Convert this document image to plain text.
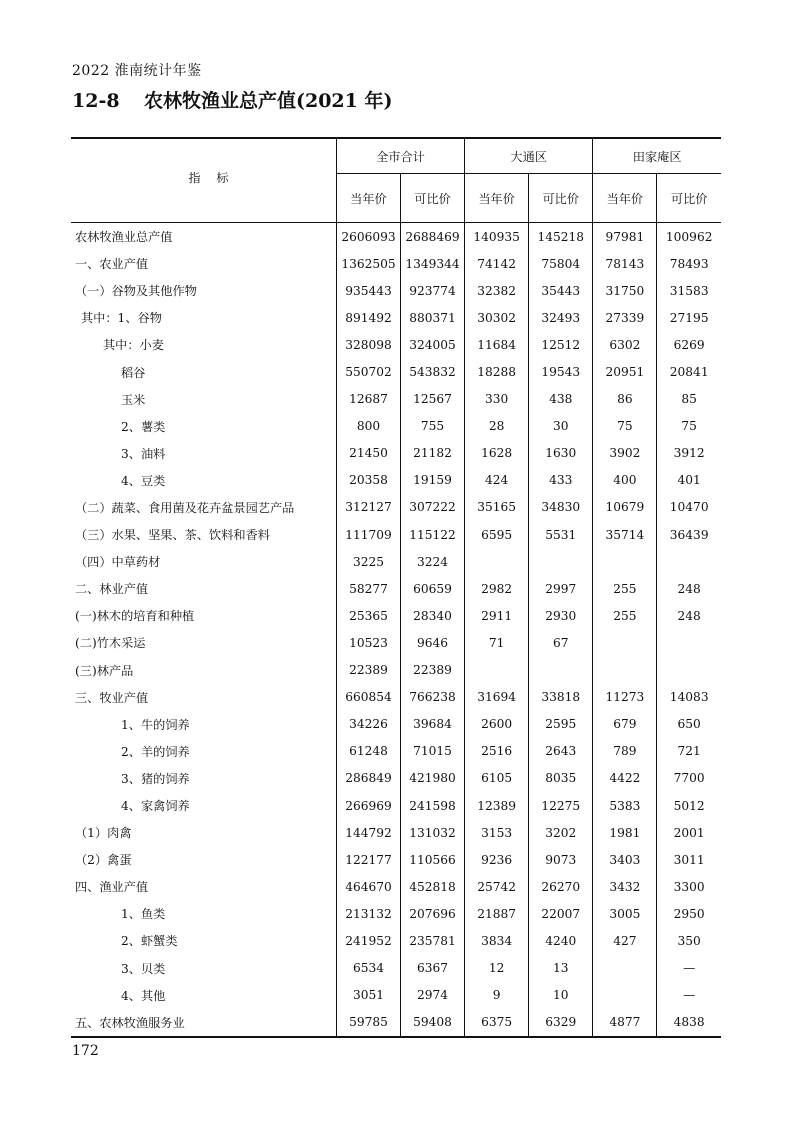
2022 淮南统计年鉴
12-8 农林牧渔业总产值(2021 年)
指 标	全市合计		大通区		田家庵区	
	当年价	可比价	当年价	可比价	当年价	可比价
农林牧渔业总产值	2606093	2688469	140935	145218	97981	100962
一、农业产值	1362505	1349344	74142	75804	78143	78493
（一）谷物及其他作物	935443	923774	32382	35443	31750	31583
其中：1、谷物	891492	880371	30302	32493	27339	27195
其中：小麦	328098	324005	11684	12512	6302	6269
稻谷	550702	543832	18288	19543	20951	20841
玉米	12687	12567	330	438	86	85
2、薯类	800	755	28	30	75	75
3、油料	21450	21182	1628	1630	3902	3912
4、豆类	20358	19159	424	433	400	401
（二）蔬菜、食用菌及花卉盆景园艺产品	312127	307222	35165	34830	10679	10470
（三）水果、坚果、茶、饮料和香料	111709	115122	6595	5531	35714	36439
（四）中草药材	3225	3224				
二、林业产值	58277	60659	2982	2997	255	248
(一)林木的培育和种植	25365	28340	2911	2930	255	248
(二)竹木采运	10523	9646	71	67		
(三)林产品	22389	22389				
三、牧业产值	660854	766238	31694	33818	11273	14083
1、牛的饲养	34226	39684	2600	2595	679	650
2、羊的饲养	61248	71015	2516	2643	789	721
3、猪的饲养	286849	421980	6105	8035	4422	7700
4、家禽饲养	266969	241598	12389	12275	5383	5012
（1）肉禽	144792	131032	3153	3202	1981	2001
（2）禽蛋	122177	110566	9236	9073	3403	3011
四、渔业产值	464670	452818	25742	26270	3432	3300
1、鱼类	213132	207696	21887	22007	3005	2950
2、虾蟹类	241952	235781	3834	4240	427	350
3、贝类	6534	6367	12	13		—
4、其他	3051	2974	9	10		—
五、农林牧渔服务业	59785	59408	6375	6329	4877	4838
172
